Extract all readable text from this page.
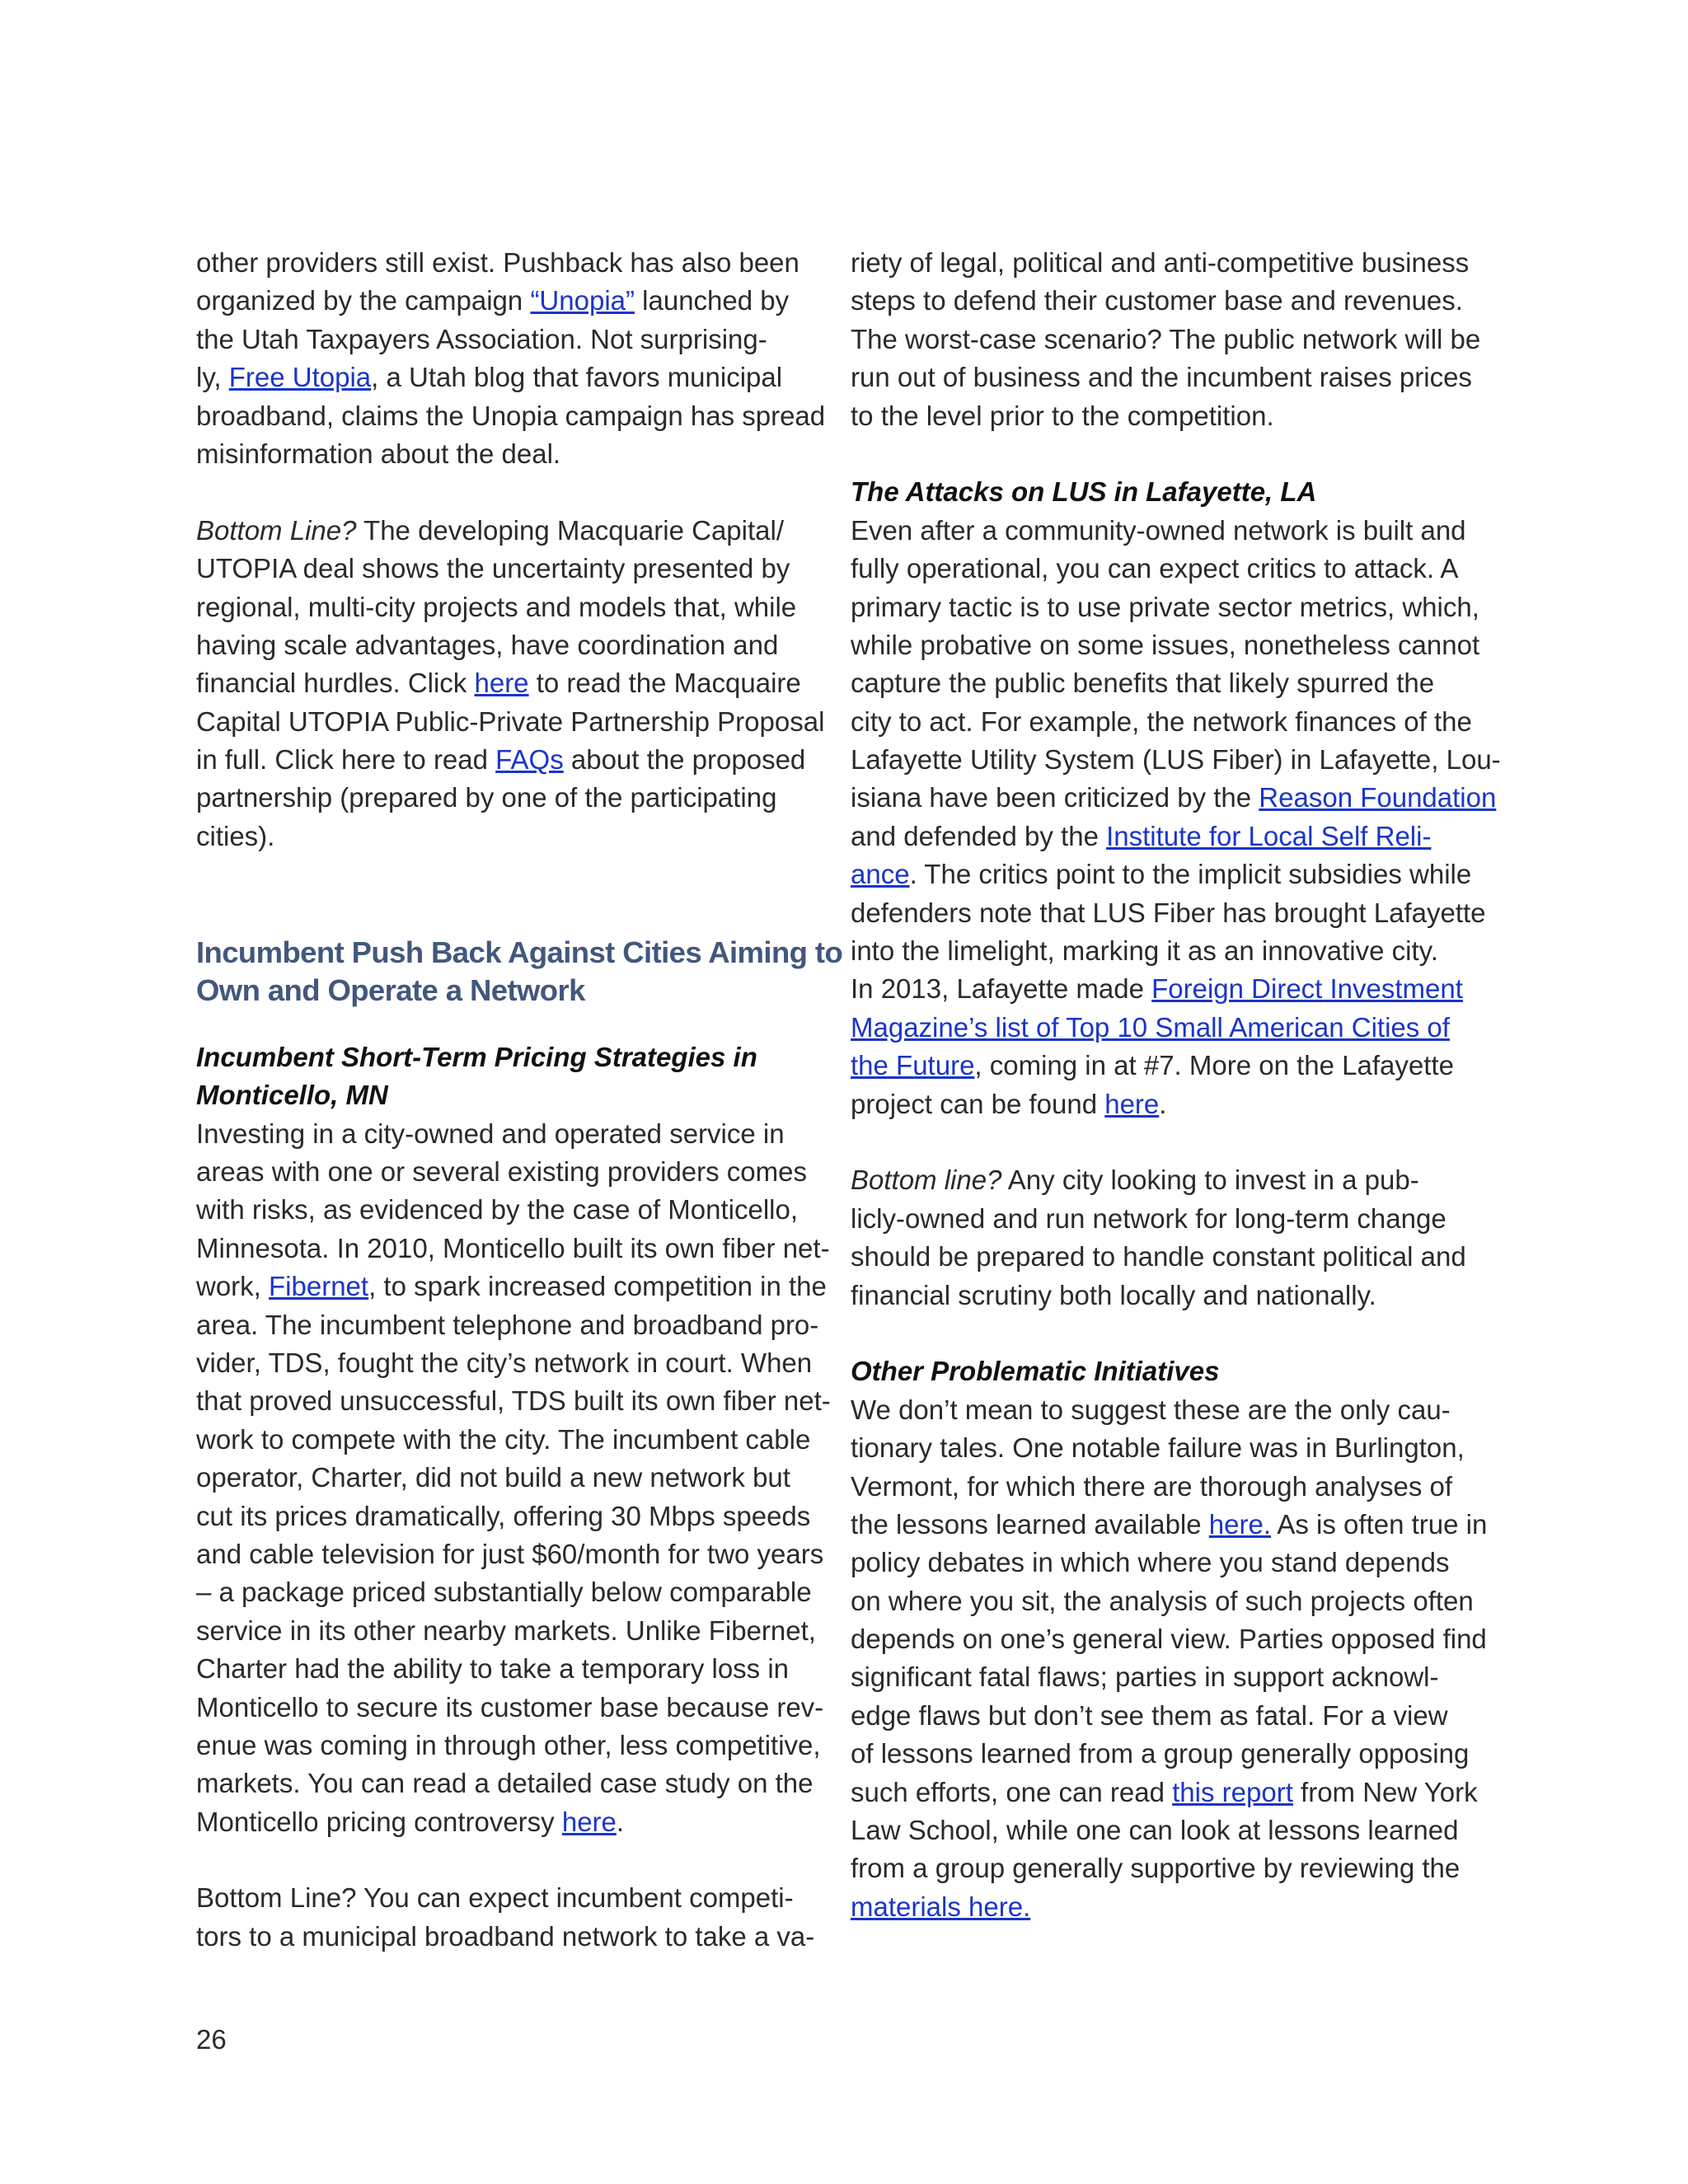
other providers still exist. Pushback has also been
organized by the campaign “Unopia” launched by
the Utah Taxpayers Association. Not surprising-
ly, Free Utopia, a Utah blog that favors municipal
broadband, claims the Unopia campaign has spread
misinformation about the deal.
Bottom Line? The developing Macquarie Capital/
UTOPIA deal shows the uncertainty presented by
regional, multi-city projects and models that, while
having scale advantages, have coordination and
financial hurdles. Click here to read the Macquaire
Capital UTOPIA Public-Private Partnership Proposal
in full. Click here to read FAQs about the proposed
partnership (prepared by one of the participating
cities).
Incumbent Push Back Against Cities Aiming to
Own and Operate a Network
Incumbent Short-Term Pricing Strategies in
Monticello, MN
Investing in a city-owned and operated service in
areas with one or several existing providers comes
with risks, as evidenced by the case of Monticello,
Minnesota. In 2010, Monticello built its own fiber net-
work, Fibernet, to spark increased competition in the
area. The incumbent telephone and broadband pro-
vider, TDS, fought the city’s network in court. When
that proved unsuccessful, TDS built its own fiber net-
work to compete with the city. The incumbent cable
operator, Charter, did not build a new network but
cut its prices dramatically, offering 30 Mbps speeds
and cable television for just $60/month for two years
– a package priced substantially below comparable
service in its other nearby markets. Unlike Fibernet,
Charter had the ability to take a temporary loss in
Monticello to secure its customer base because rev-
enue was coming in through other, less competitive,
markets. You can read a detailed case study on the
Monticello pricing controversy here.
Bottom Line? You can expect incumbent competi-
tors to a municipal broadband network to take a va-
riety of legal, political and anti-competitive business
steps to defend their customer base and revenues.
The worst-case scenario? The public network will be
run out of business and the incumbent raises prices
to the level prior to the competition.
The Attacks on LUS in Lafayette, LA
Even after a community-owned network is built and
fully operational, you can expect critics to attack. A
primary tactic is to use private sector metrics, which,
while probative on some issues, nonetheless cannot
capture the public benefits that likely spurred the
city to act. For example, the network finances of the
Lafayette Utility System (LUS Fiber) in Lafayette, Lou-
isiana have been criticized by the Reason Foundation
and defended by the Institute for Local Self Reli-
ance. The critics point to the implicit subsidies while
defenders note that LUS Fiber has brought Lafayette
into the limelight, marking it as an innovative city.
In 2013, Lafayette made Foreign Direct Investment
Magazine’s list of Top 10 Small American Cities of
the Future, coming in at #7. More on the Lafayette
project can be found here.
Bottom line? Any city looking to invest in a pub-
licly-owned and run network for long-term change
should be prepared to handle constant political and
financial scrutiny both locally and nationally.
Other Problematic Initiatives
We don’t mean to suggest these are the only cau-
tionary tales. One notable failure was in Burlington,
Vermont, for which there are thorough analyses of
the lessons learned available here. As is often true in
policy debates in which where you stand depends
on where you sit, the analysis of such projects often
depends on one’s general view. Parties opposed find
significant fatal flaws; parties in support acknowl-
edge flaws but don’t see them as fatal. For a view
of lessons learned from a group generally opposing
such efforts, one can read this report from New York
Law School, while one can look at lessons learned
from a group generally supportive by reviewing the
materials here.
26
